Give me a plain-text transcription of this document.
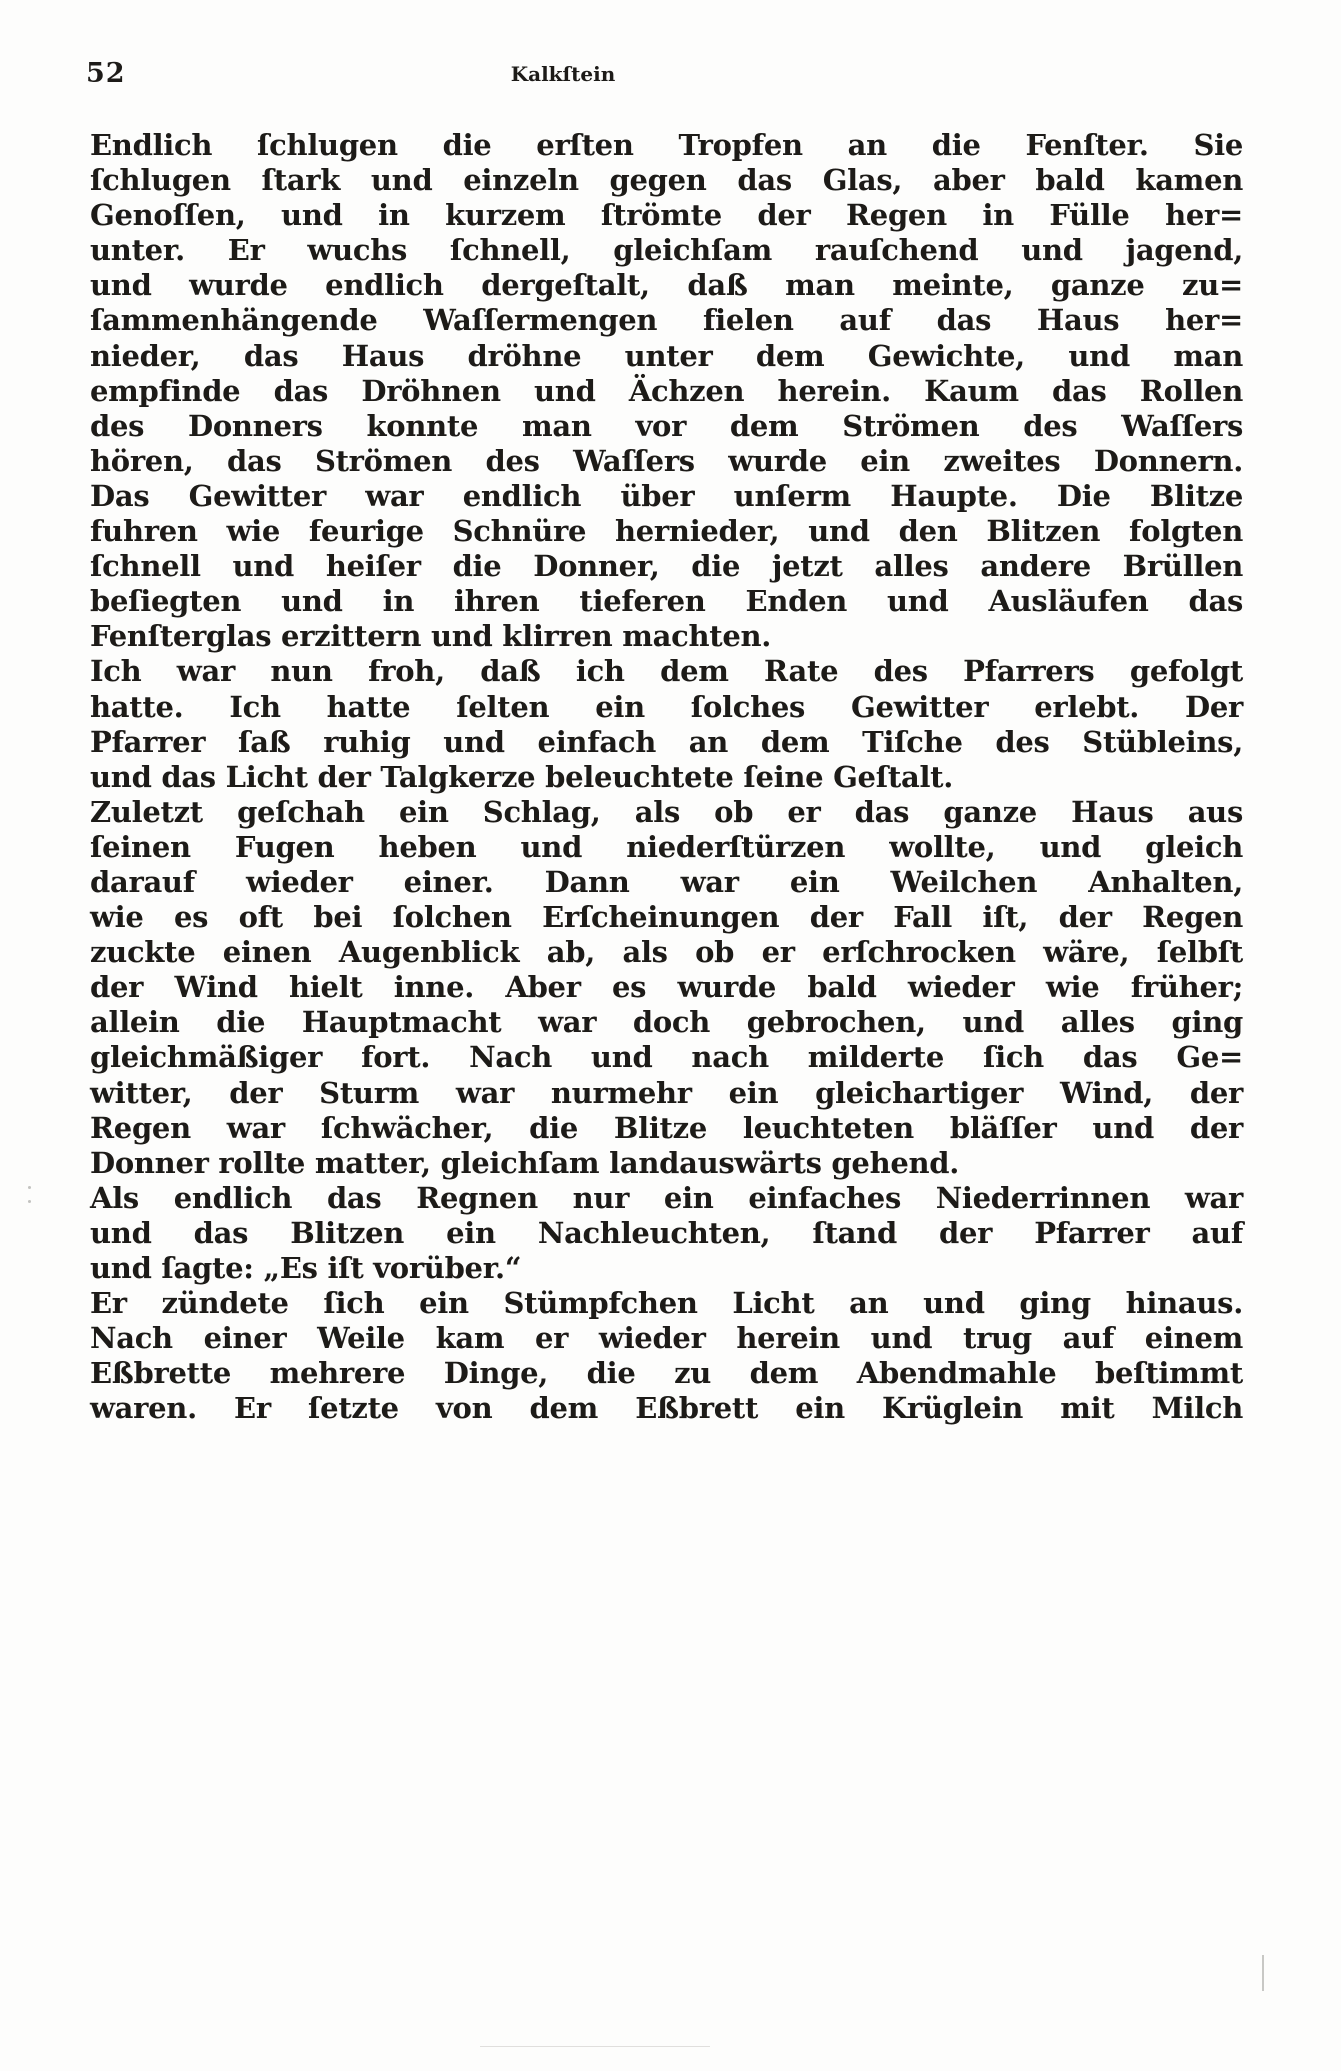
52	Kalkſtein
Endlich ſchlugen die erſten Tropfen an die Fenſter. Sie
ſchlugen ſtark und einzeln gegen das Glas, aber bald kamen
Genoſſen, und in kurzem ſtrömte der Regen in Fülle her=
unter. Er wuchs ſchnell, gleichſam rauſchend und jagend,
und wurde endlich dergeſtalt, daß man meinte, ganze zu=
ſammenhängende Waſſermengen fielen auf das Haus her=
nieder, das Haus dröhne unter dem Gewichte, und man
empfinde das Dröhnen und Ächzen herein. Kaum das Rollen
des Donners konnte man vor dem Strömen des Waſſers
hören, das Strömen des Waſſers wurde ein zweites Donnern.
Das Gewitter war endlich über unſerm Haupte. Die Blitze
fuhren wie feurige Schnüre hernieder, und den Blitzen folgten
ſchnell und heiſer die Donner, die jetzt alles andere Brüllen
beſiegten und in ihren tieferen Enden und Ausläufen das
Fenſterglas erzittern und klirren machten.
Ich war nun froh, daß ich dem Rate des Pfarrers gefolgt
hatte. Ich hatte ſelten ein ſolches Gewitter erlebt. Der
Pfarrer ſaß ruhig und einfach an dem Tiſche des Stübleins,
und das Licht der Talgkerze beleuchtete ſeine Geſtalt.
Zuletzt geſchah ein Schlag, als ob er das ganze Haus aus
ſeinen Fugen heben und niederſtürzen wollte, und gleich
darauf wieder einer. Dann war ein Weilchen Anhalten,
wie es oft bei ſolchen Erſcheinungen der Fall iſt, der Regen
zuckte einen Augenblick ab, als ob er erſchrocken wäre, ſelbſt
der Wind hielt inne. Aber es wurde bald wieder wie früher;
allein die Hauptmacht war doch gebrochen, und alles ging
gleichmäßiger fort. Nach und nach milderte ſich das Ge=
witter, der Sturm war nurmehr ein gleichartiger Wind, der
Regen war ſchwächer, die Blitze leuchteten bläſſer und der
Donner rollte matter, gleichſam landauswärts gehend.
Als endlich das Regnen nur ein einfaches Niederrinnen war
und das Blitzen ein Nachleuchten, ſtand der Pfarrer auf
und ſagte: „Es iſt vorüber.“
Er zündete ſich ein Stümpfchen Licht an und ging hinaus.
Nach einer Weile kam er wieder herein und trug auf einem
Eßbrette mehrere Dinge, die zu dem Abendmahle beſtimmt
waren. Er ſetzte von dem Eßbrett ein Krüglein mit Milch
